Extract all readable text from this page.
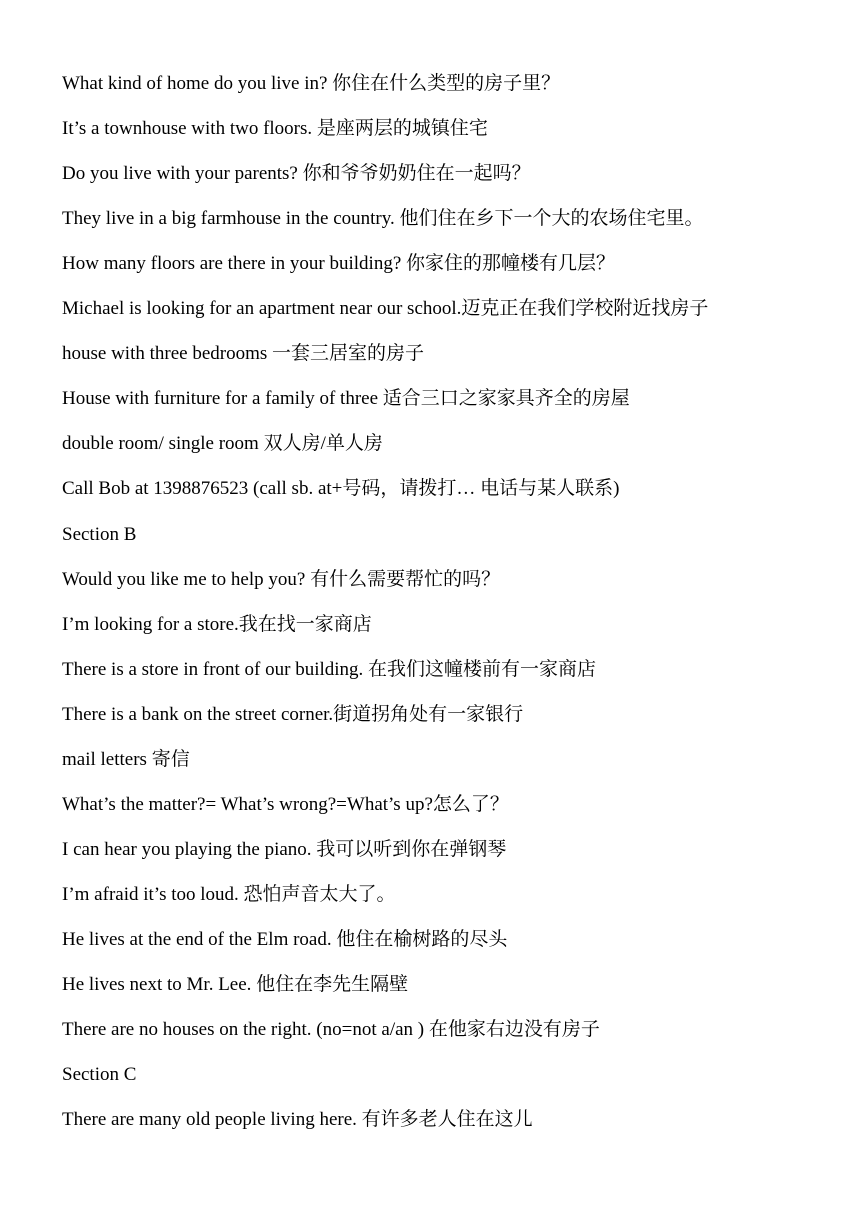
What kind of home do you live in? 你住在什么类型的房子里？
It’s a townhouse with two floors. 是座两层的城镇住宅
Do you live with your parents? 你和爷爷奶奶住在一起吗？
They live in a big farmhouse in the country. 他们住在乡下一个大的农场住宅里。
How many floors are there in your building? 你家住的那幢楼有几层？
Michael is looking for an apartment near our school.迈克正在我们学校附近找房子
house with three bedrooms 一套三居室的房子
House with furniture for a family of three 适合三口之家家具齐全的房屋
double room/ single room 双人房/单人房
Call Bob at 1398876523 (call sb. at+号码，请拨打… 电话与某人联系)
Section B
Would you like me to help you? 有什么需要帮忙的吗？
I’m looking for a store.我在找一家商店
There is a store in front of our building. 在我们这幢楼前有一家商店
There is a bank on the street corner.街道拐角处有一家银行
mail letters 寄信
What’s the matter?= What’s wrong?=What’s up?怎么了？
I can hear you playing the piano. 我可以听到你在弹钢琴
I’m afraid it’s too loud. 恐怕声音太大了。
He lives at the end of the Elm road. 他住在榆树路的尽头
He lives next to Mr. Lee. 他住在李先生隔壁
There are no houses on the right. (no=not a/an ) 在他家右边没有房子
Section C
There are many old people living here. 有许多老人住在这儿
